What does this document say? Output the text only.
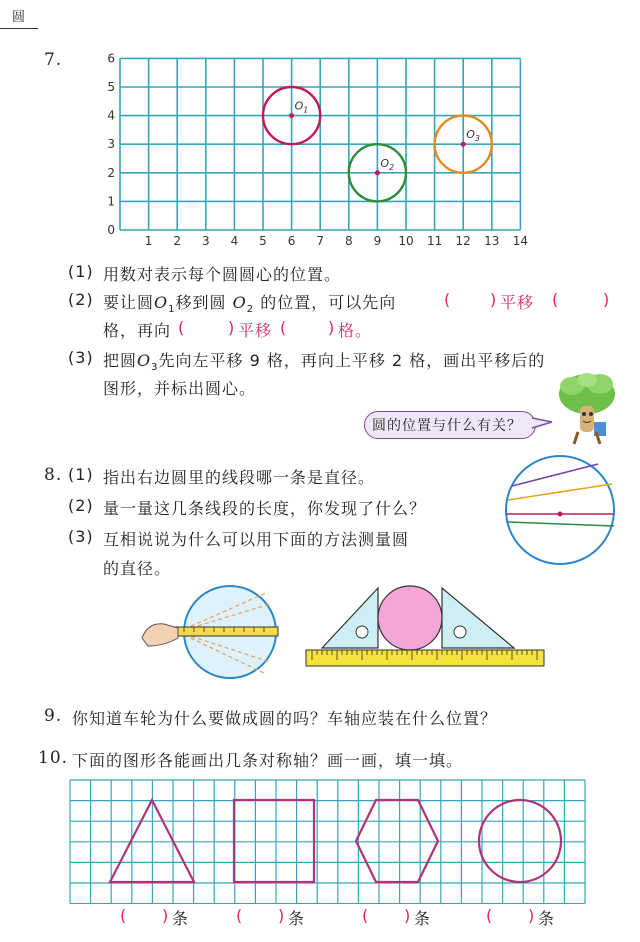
圆
7.
0
1
2
3
4
5
6
1 2 3 4 5 6 7 8 9 10 11 12 13 14
$O_1$
$O_2$
$O_3$
(1) 用数对表示每个圆圆心的位置。
(2) 要让圆$O_1$移到圆 $O_2$ 的位置，可以先向	( ) 平移 (	)
格，再向 (	) 平移 (	) 格。
(3) 把圆$O_3$先向左平移 9 格，再向上平移 2 格，画出平移后的
图形，并标出圆心。
圆的位置与什么有关？
8. (1) 指出右边圆里的线段哪一条是直径。
(2) 量一量这几条线段的长度，你发现了什么？
(3) 互相说说为什么可以用下面的方法测量圆
的直径。
9. 你知道车轮为什么要做成圆的吗？车轴应装在什么位置？
10. 下面的图形各能画出几条对称轴？画一画，填一填。
( ) 条	( ) 条	( ) 条	( ) 条
